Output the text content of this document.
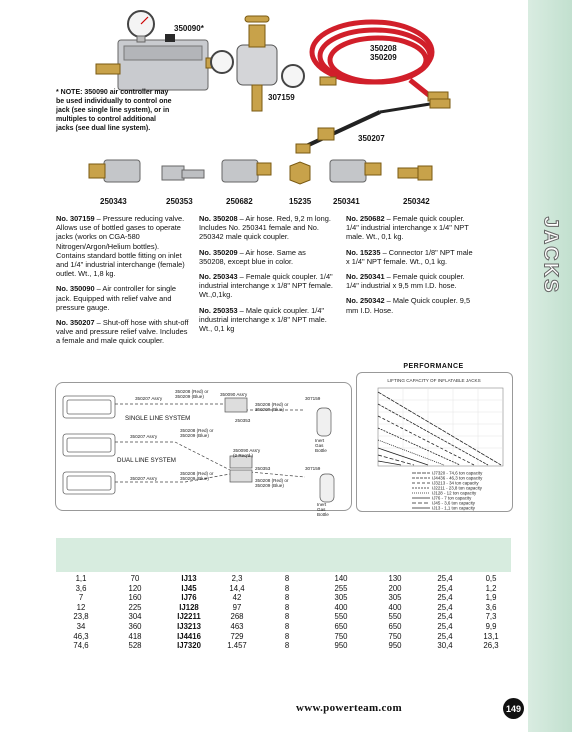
JACKS
350090*
307159
350208
350209
350207
* NOTE: 350090 air controller may be used individually to control one jack (see single line system), or in multiples to control additional jacks (see dual line system).
250343	250353	250682	15235	250341	250342

No. 307159 – Pressure reducing valve. Allows use of bottled gases to operate jacks (works on CGA-580 Nitrogen/Argon/Helium bottles). Contains standard bottle fitting on inlet and 1/4" industrial interchange (female) outlet. Wt., 1,8 kg.

No. 350090 – Air controller for single jack. Equipped with relief valve and pressure gauge.

No. 350207 – Shut-off hose with shut-off valve and pressure relief valve. Includes a female and male quick coupler.

No. 350208 – Air hose. Red, 9,2 m long. Includes No. 250341 female and No. 250342 male quick coupler.

No. 350209 – Air hose. Same as 350208, except blue in color.

No. 250343 – Female quick coupler. 1/4" industrial interchange x 1/8" NPT female. Wt.,0,1kg.

No. 250353 – Male quick coupler. 1/4" industrial interchange x 1/8" NPT male. Wt., 0,1 kg

No. 250682 – Female quick coupler. 1/4" industrial interchange x 1/4" NPT male. Wt., 0,1 kg.

No. 15235 – Connector 1/8" NPT male x 1/4" NPT female. Wt., 0,1 kg.

No. 250341 – Female quick coupler. 1/4" industrial x 9,5 mm I.D. hose.

No. 250342 – Male Quick coupler. 9,5 mm I.D. Hose.

350207 Ass'y
350208 (Red) or 350209 (Blue)	350090 Ass'y
350208 (Red) or 350209 (Blue)
307159
250353
Inert Gas Bottle
350207 Ass'y
350208 (Red) or 350209 (Blue)
350090 Ass'y (2 Req'd.)
250353	307159
350208 (Red) or 350209 (Blue)
350207 Ass'y
350208 (Red) or 350209 (Blue)
Inert Gas Bottle
SINGLE LINE SYSTEM
DUAL LINE SYSTEM
PERFORMANCE
LIFTING CAPACITY OF INFLATABLE JACKS
IJ7320 - 74,6 ton capacity
IJ4436 - 46,3 ton capacity
IJ3213 - 34 ton capacity
IJ2211 - 23,8 ton capacity
IJ128 - 12 ton capacity
IJ76 - 7 ton capacity
IJ45 - 3,6 ton capacity
IJ13 - 1,1 ton capacity
1,1	70	IJ13	2,3	8	140	130	25,4	0,5
3,6	120	IJ45	14,4	8	255	200	25,4	1,2
7	160	IJ76	42	8	305	305	25,4	1,9
12	225	IJ128	97	8	400	400	25,4	3,6
23,8	304	IJ2211	268	8	550	550	25,4	7,3
34	360	IJ3213	463	8	650	650	25,4	9,9
46,3	418	IJ4416	729	8	750	750	25,4	13,1
74,6	528	IJ7320	1.457	8	950	950	30,4	26,3
www.powerteam.com	149
